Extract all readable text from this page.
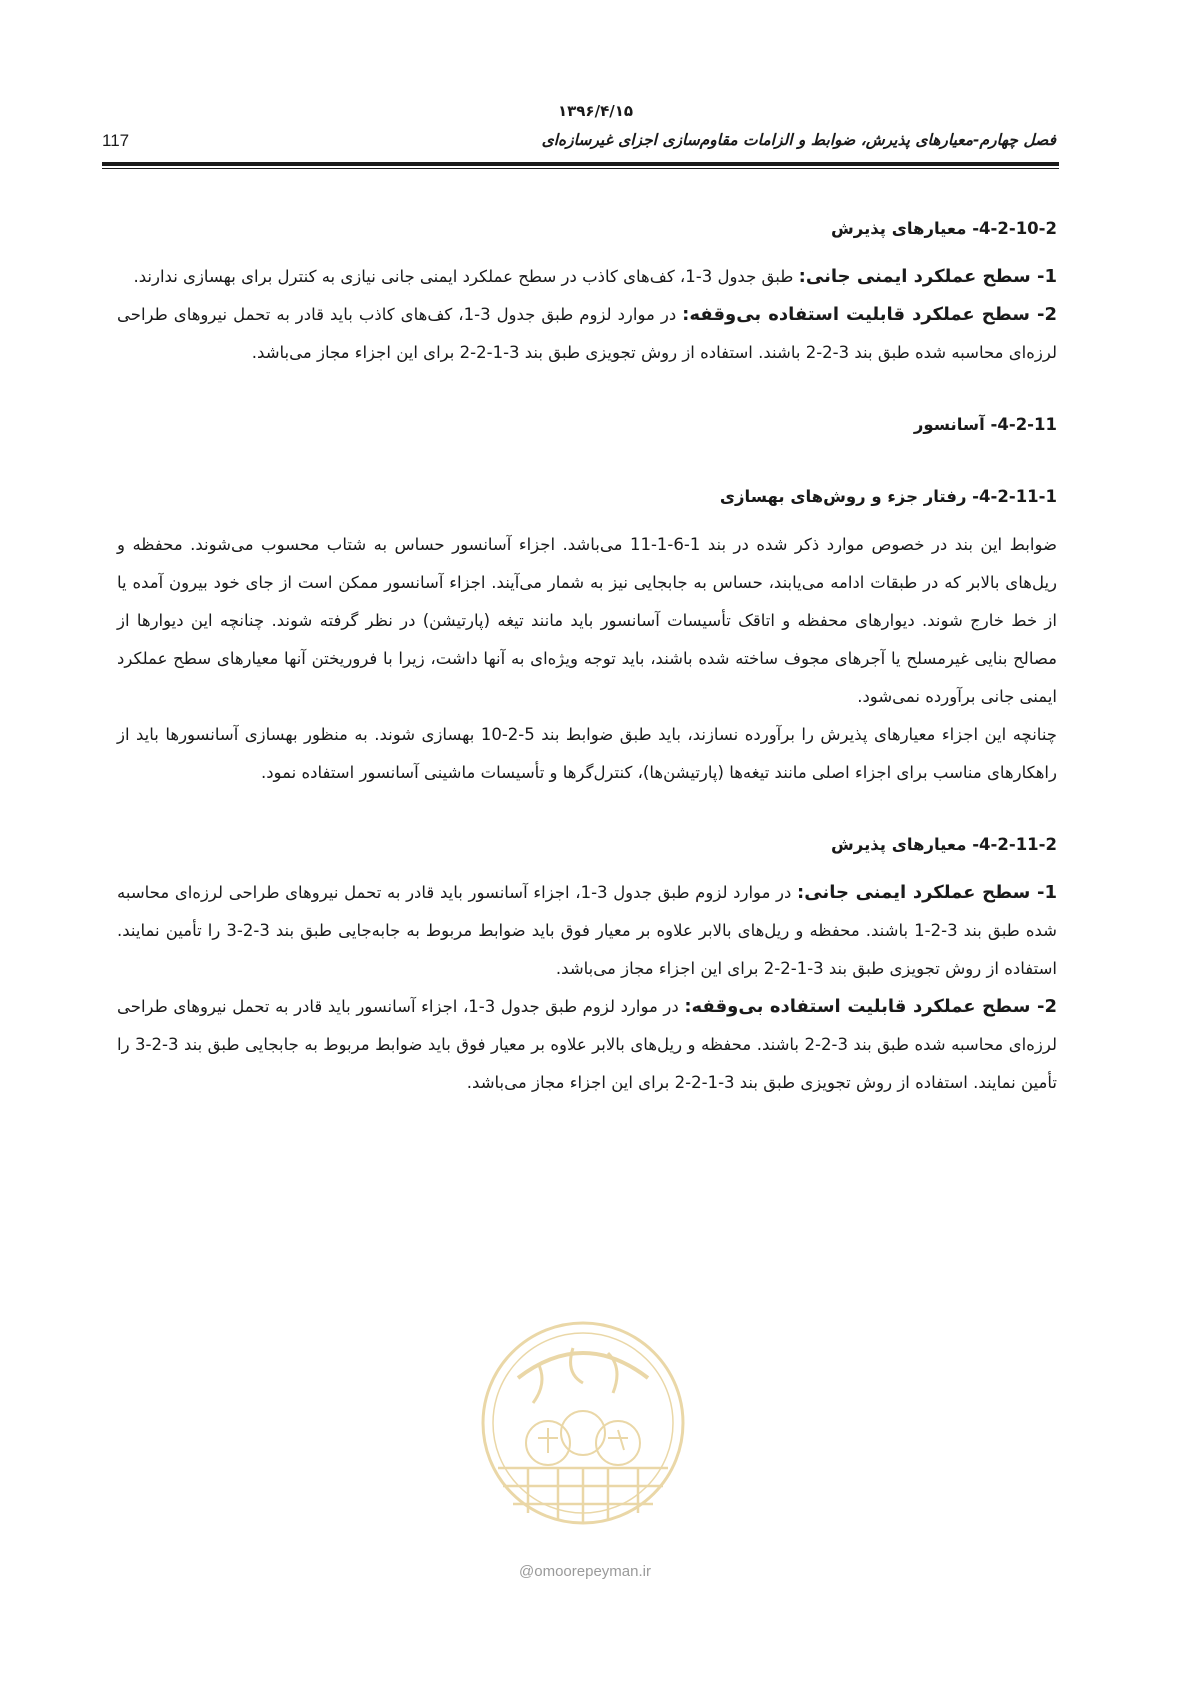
۱۳۹۶/۴/۱۵
117	فصل چهارم-معیارهای پذیرش، ضوابط و الزامات مقاوم‌سازی اجزای غیرسازه‌ای
4-2-10-2- معیارهای پذیرش

1- سطح عملکرد ایمنی جانی: طبق جدول 3-1، کف‌های کاذب در سطح عملکرد ایمنی جانی نیازی به کنترل برای بهسازی ندارند.

2- سطح عملکرد قابلیت استفاده بی‌وقفه: در موارد لزوم طبق جدول 3-1، کف‌های کاذب باید قادر به تحمل نیروهای طراحی لرزه‌ای محاسبه شده طبق بند 3-2-2 باشند. استفاده از روش تجویزی طبق بند 3-1-2-2 برای این اجزاء مجاز می‌باشد.

4-2-11- آسانسور
4-2-11-1- رفتار جزء و روش‌های بهسازی

ضوابط این بند در خصوص موارد ذکر شده در بند 1-6-1-11 می‌باشد. اجزاء آسانسور حساس به شتاب محسوب می‌شوند. محفظه و ریل‌های بالابر که در طبقات ادامه می‌یابند، حساس به جابجایی نیز به شمار می‌آیند. اجزاء آسانسور ممکن است از جای خود بیرون آمده یا از خط خارج شوند. دیوارهای محفظه و اتاقک تأسیسات آسانسور باید مانند تیغه (پارتیشن) در نظر گرفته شوند. چنانچه این دیوارها از مصالح بنایی غیرمسلح یا آجرهای مجوف ساخته شده باشند، باید توجه ویژه‌ای به آنها داشت، زیرا با فروریختن آنها معیارهای سطح عملکرد ایمنی جانی برآورده نمی‌شود.

چنانچه این اجزاء معیارهای پذیرش را برآورده نسازند، باید طبق ضوابط بند 5-2-10 بهسازی شوند. به منظور بهسازی آسانسورها باید از راهکارهای مناسب برای اجزاء اصلی مانند تیغه‌ها (پارتیشن‌ها)، کنترل‌گرها و تأسیسات ماشینی آسانسور استفاده نمود.

4-2-11-2- معیارهای پذیرش

1- سطح عملکرد ایمنی جانی: در موارد لزوم طبق جدول 3-1، اجزاء آسانسور باید قادر به تحمل نیروهای طراحی لرزه‌ای محاسبه شده طبق بند 3-2-1 باشند. محفظه و ریل‌های بالابر علاوه بر معیار فوق باید ضوابط مربوط به جابه‌جایی طبق بند 3-2-3 را تأمین نمایند. استفاده از روش تجویزی طبق بند 3-1-2-2 برای این اجزاء مجاز می‌باشد.

2- سطح عملکرد قابلیت استفاده بی‌وقفه: در موارد لزوم طبق جدول 3-1، اجزاء آسانسور باید قادر به تحمل نیروهای طراحی لرزه‌ای محاسبه شده طبق بند 3-2-2 باشند. محفظه و ریل‌های بالابر علاوه بر معیار فوق باید ضوابط مربوط به جابجایی طبق بند 3-2-3 را تأمین نمایند. استفاده از روش تجویزی طبق بند 3-1-2-2 برای این اجزاء مجاز می‌باشد.

@omoorepeyman.ir
